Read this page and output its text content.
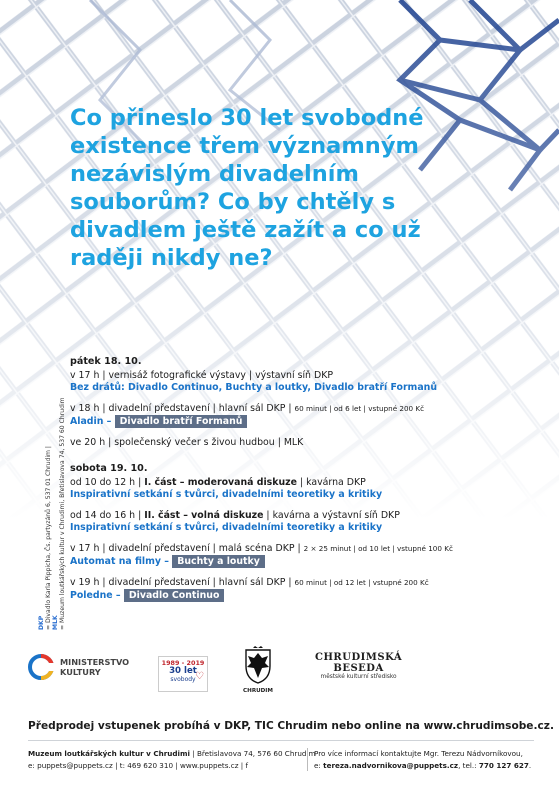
DKP = Divadlo Karla Pippicha, Čs. partyzánů 6, 537 01 Chrudim | MLK = Muzeum loutkářských kultur v Chrudimi, Břetislavova 74, 537 60 Chrudim
Co přineslo 30 let svobodné existence třem významným nezávislým divadelním souborům? Co by chtěly s divadlem ještě zažít a co už raději nikdy ne?

pátek 18. 10.

v 17 h | vernisáž fotografické výstavy | výstavní síň DKP
Bez drátů: Divadlo Continuo, Buchty a loutky, Divadlo bratří Formanů
v 18 h | divadelní představení | hlavní sál DKP | 60 minut | od 6 let | vstupné 200 Kč
Aladin – Divadlo bratří Formanů
ve 20 h | společenský večer s živou hudbou | MLK

sobota 19. 10.

od 10 do 12 h | I. část – moderovaná diskuze | kavárna DKP
Inspirativní setkání s tvůrci, divadelními teoretiky a kritiky
od 14 do 16 h | II. část – volná diskuze | kavárna a výstavní síň DKP
Inspirativní setkání s tvůrci, divadelními teoretiky a kritiky
v 17 h | divadelní představení | malá scéna DKP | 2 × 25 minut | od 10 let | vstupné 100 Kč
Automat na filmy – Buchty a loutky
v 19 h | divadelní představení | hlavní sál DKP | 60 minut | od 12 let | vstupné 200 Kč
Poledne – Divadlo Continuo
MINISTERSTVO
KULTURY
1989 - 2019
30 let
svobody ♡
CHRUDIM
CHRUDIMSKÁ
BESEDA
městské kulturní středisko
Předprodej vstupenek probíhá v DKP, TIC Chrudim nebo online na www.chrudimsobe.cz.
Muzeum loutkářských kultur v Chrudimi | Břetislavova 74, 576 60 Chrudim
e: puppets@puppets.cz | t: 469 620 310 | www.puppets.cz | f
Pro více informací kontaktujte Mgr. Terezu Nádvorníkovou,
e: tereza.nadvornikova@puppets.cz, tel.: 770 127 627.
